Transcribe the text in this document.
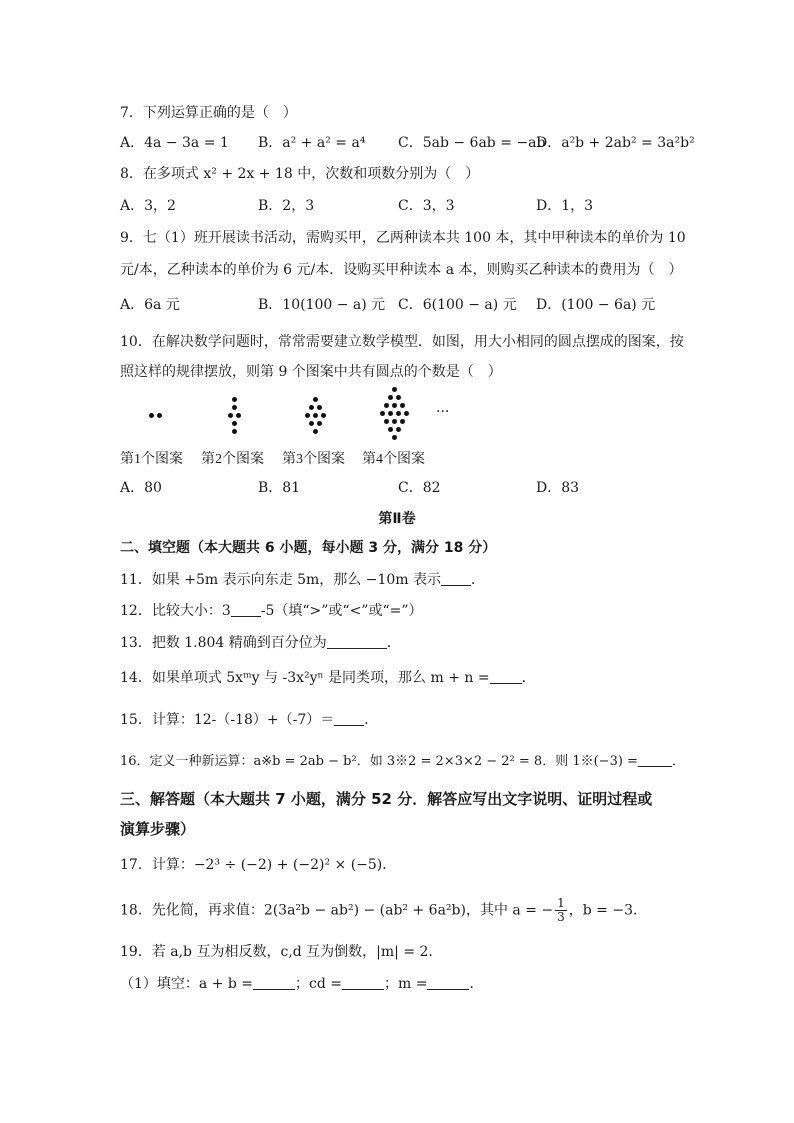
7．下列运算正确的是（　）
A．4a − 3a = 1 B．a² + a² = a⁴ C．5ab − 6ab = −ab
D．a²b + 2ab² = 3a²b²
8．在多项式 x² + 2x + 18 中，次数和项数分别为（　）
A．3，2	B．2，3	C．3，3	D．1，3
9．七（1）班开展读书活动，需购买甲，乙两种读本共 100 本，其中甲种读本的单价为 10
元/本，乙种读本的单价为 6 元/本．设购买甲种读本 a 本，则购买乙种读本的费用为（　）
A．6a 元	B．10(100 − a) 元 C．6(100 − a) 元 D．(100 − 6a) 元
10．在解决数学问题时，常常需要建立数学模型．如图，用大小相同的圆点摆成的图案，按
照这样的规律摆放，则第 9 个图案中共有圆点的个数是（　）
···
第1个图案 第2个图案 第3个图案 第4个图案
A．80	B．81	C．82	D．83
第Ⅱ卷
二、填空题（本大题共 6 小题，每小题 3 分，满分 18 分）
11．如果 +5m 表示向东走 5m，那么 −10m 表示 ．
12．比较大小：3 -5（填“>”或“<”或“=”）
13．把数 1.804 精确到百分位为	．
14．如果单项式 5xᵐy 与 -3x²yⁿ 是同类项，那么 m + n = ．
15．计算：12-（-18）+（-7）＝ ．
16．定义一种新运算：a※b = 2ab − b²．如 3※2 = 2×3×2 − 2² = 8．则 1※(−3) =	．
三、解答题（本大题共 7 小题，满分 52 分．解答应写出文字说明、证明过程或
演算步骤）
17．计算：−2³ ÷ (−2) + (−2)² × (−5)．
18．先化简，再求值：2(3a²b − ab²) − (ab² + 6a²b)，其中 a = − $\frac{1}{3}$ ，b = −3．
19．若 a,b 互为相反数，c,d 互为倒数，|m| = 2．
（1）填空：a + b =	；cd =	；m =	．
